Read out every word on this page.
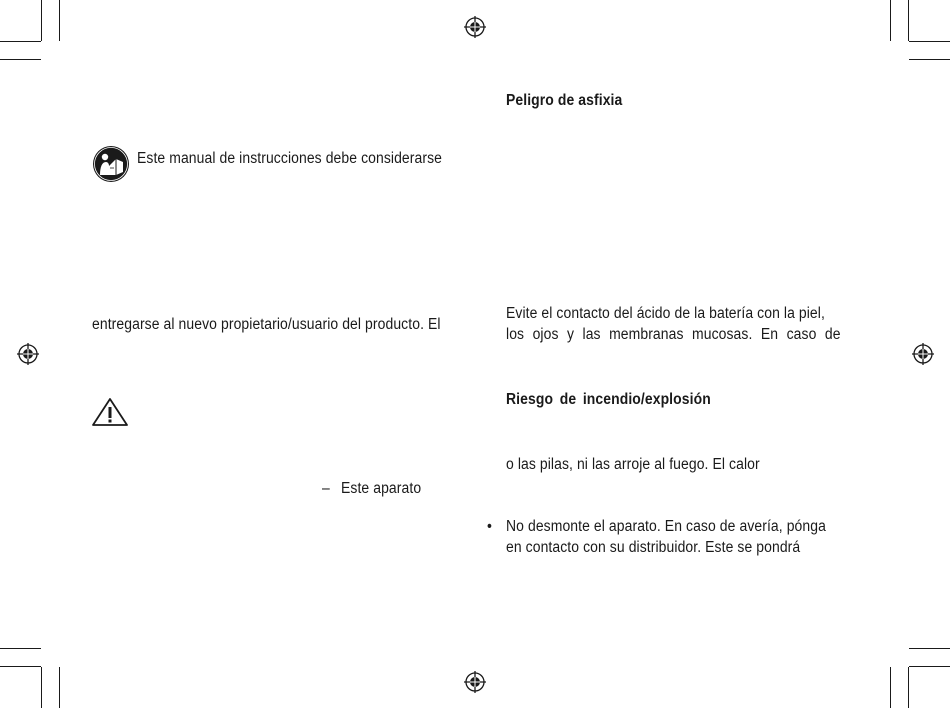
Este manual de instrucciones debe considerarse
entregarse al nuevo propietario/usuario del producto. El
– Este aparato
Peligro de asfixia
Evite el contacto del ácido de la batería con la piel,
los ojos y las membranas mucosas. En caso de
Riesgo de incendio/explosión
o las pilas, ni las arroje al fuego. El calor
• No desmonte el aparato. En caso de avería, pónga
en contacto con su distribuidor. Este se pondrá
